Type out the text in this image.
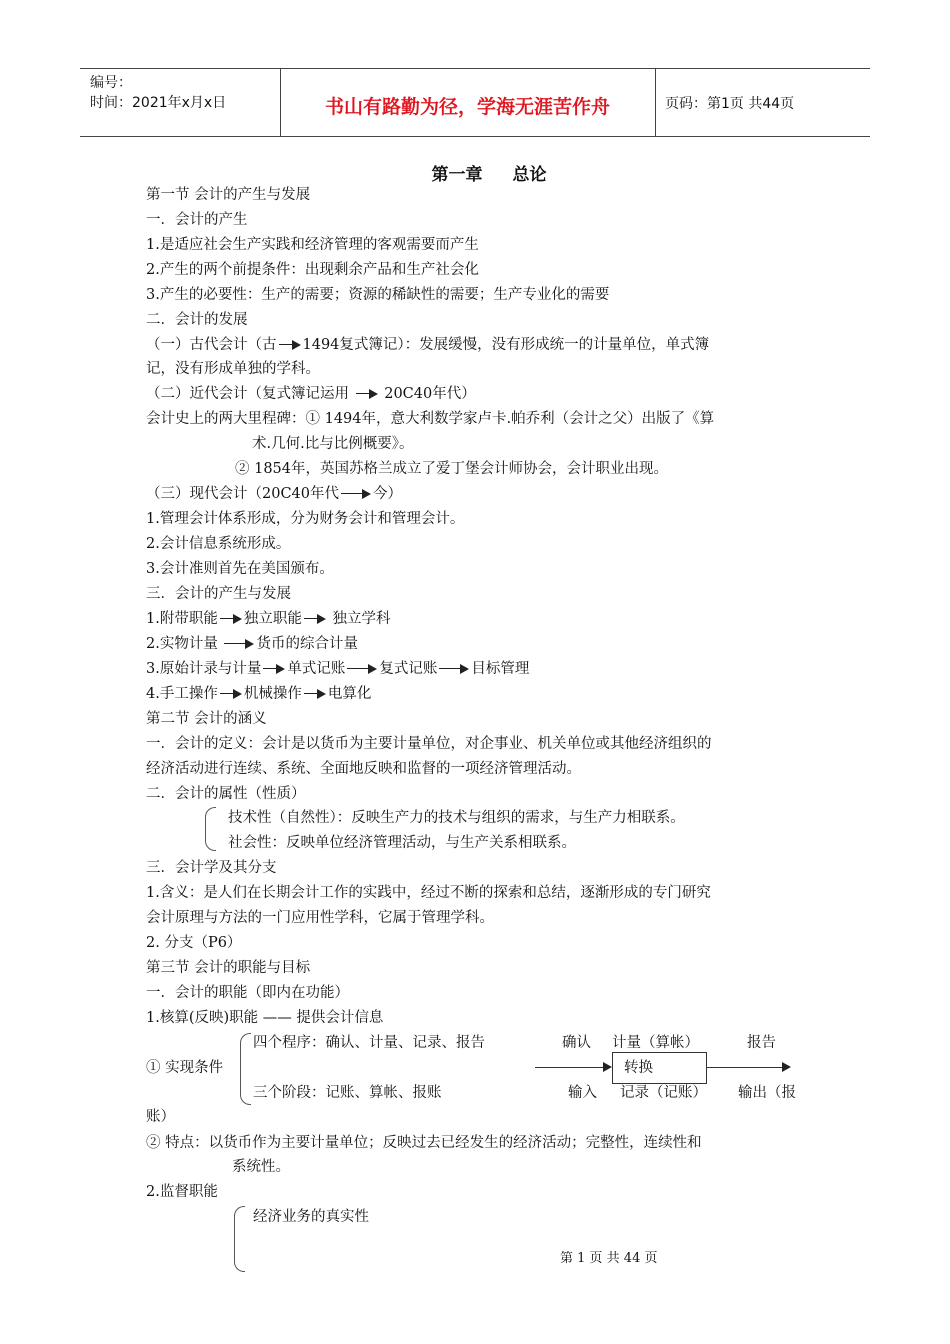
编号：
时间：2021年x月x日	书山有路勤为径，学海无涯苦作舟	页码：第1页 共44页
第一章 总论
第一节 会计的产生与发展
一．会计的产生
1.是适应社会生产实践和经济管理的客观需要而产生
2.产生的两个前提条件：出现剩余产品和生产社会化
3.产生的必要性：生产的需要；资源的稀缺性的需要；生产专业化的需要
二．会计的发展
（一）古代会计（古 1494复式簿记）：发展缓慢，没有形成统一的计量单位，单式簿
记，没有形成单独的学科。
（二）近代会计（复式簿记运用 20C40年代）
会计史上的两大里程碑：① 1494年，意大利数学家卢卡.帕乔利（会计之父）出版了《算
术.几何.比与比例概要》。
② 1854年，英国苏格兰成立了爱丁堡会计师协会，会计职业出现。
（三）现代会计（20C40年代 今）
1.管理会计体系形成，分为财务会计和管理会计。
2.会计信息系统形成。
3.会计准则首先在美国颁布。
三．会计的产生与发展
1.附带职能 独立职能 独立学科
2.实物计量	货币的综合计量
3.原始计录与计量 单式记账 复式记账 目标管理
4.手工操作 机械操作 电算化
第二节 会计的涵义
一．会计的定义：会计是以货币为主要计量单位，对企事业、机关单位或其他经济组织的
经济活动进行连续、系统、全面地反映和监督的一项经济管理活动。
二．会计的属性（性质）
技术性（自然性）：反映生产力的技术与组织的需求，与生产力相联系。
社会性：反映单位经济管理活动，与生产关系相联系。
三．会计学及其分支
1.含义：是人们在长期会计工作的实践中，经过不断的探索和总结，逐渐形成的专门研究
会计原理与方法的一门应用性学科，它属于管理学科。
2. 分支（P6）
第三节 会计的职能与目标
一．会计的职能（即内在功能）
1.核算(反映)职能 —— 提供会计信息
四个程序：确认、计量、记录、报告
① 实现条件
三个阶段：记账、算帐、报账
确认 计量（算帐）	报告
转换
输入 记录（记账） 输出（报
账）
② 特点：以货币作为主要计量单位；反映过去已经发生的经济活动；完整性，连续性和
系统性。
2.监督职能
经济业务的真实性
第 1 页 共 44 页
